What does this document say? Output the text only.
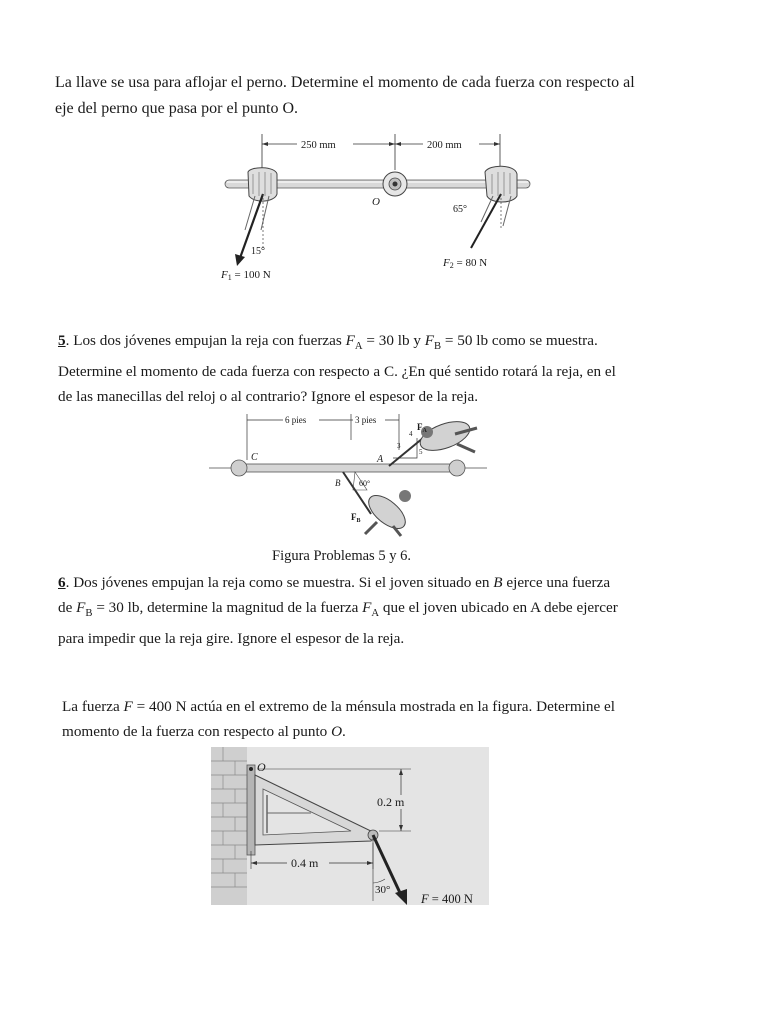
La llave se usa para aflojar el perno. Determine el momento de cada fuerza con respecto al
eje del perno que pasa por el punto O.
250 mm	200 mm
O
15°
F1 = 100 N
65°
F2 = 80 N
5. Los dos jóvenes empujan la reja con fuerzas $F_A = 30$ lb y $F_B = 50$ lb como se muestra.
Determine el momento de cada fuerza con respecto a C. ¿En qué sentido rotará la reja, en el
de las manecillas del reloj o al contrario? Ignore el espesor de la reja.
6 pies	3 pies
C	A
3
4
5
$F_A$
60°
B
$F_B$
Figura Problemas 5 y 6.
6. Dos jóvenes empujan la reja como se muestra. Si el joven situado en B ejerce una fuerza
de $F_B = 30$ lb, determine la magnitud de la fuerza $F_A$ que el joven ubicado en A debe ejercer
para impedir que la reja gire. Ignore el espesor de la reja.
La fuerza F = 400 N actúa en el extremo de la ménsula mostrada en la figura. Determine el
momento de la fuerza con respecto al punto O.
O
0.2 m
0.4 m
30°
F = 400 N
